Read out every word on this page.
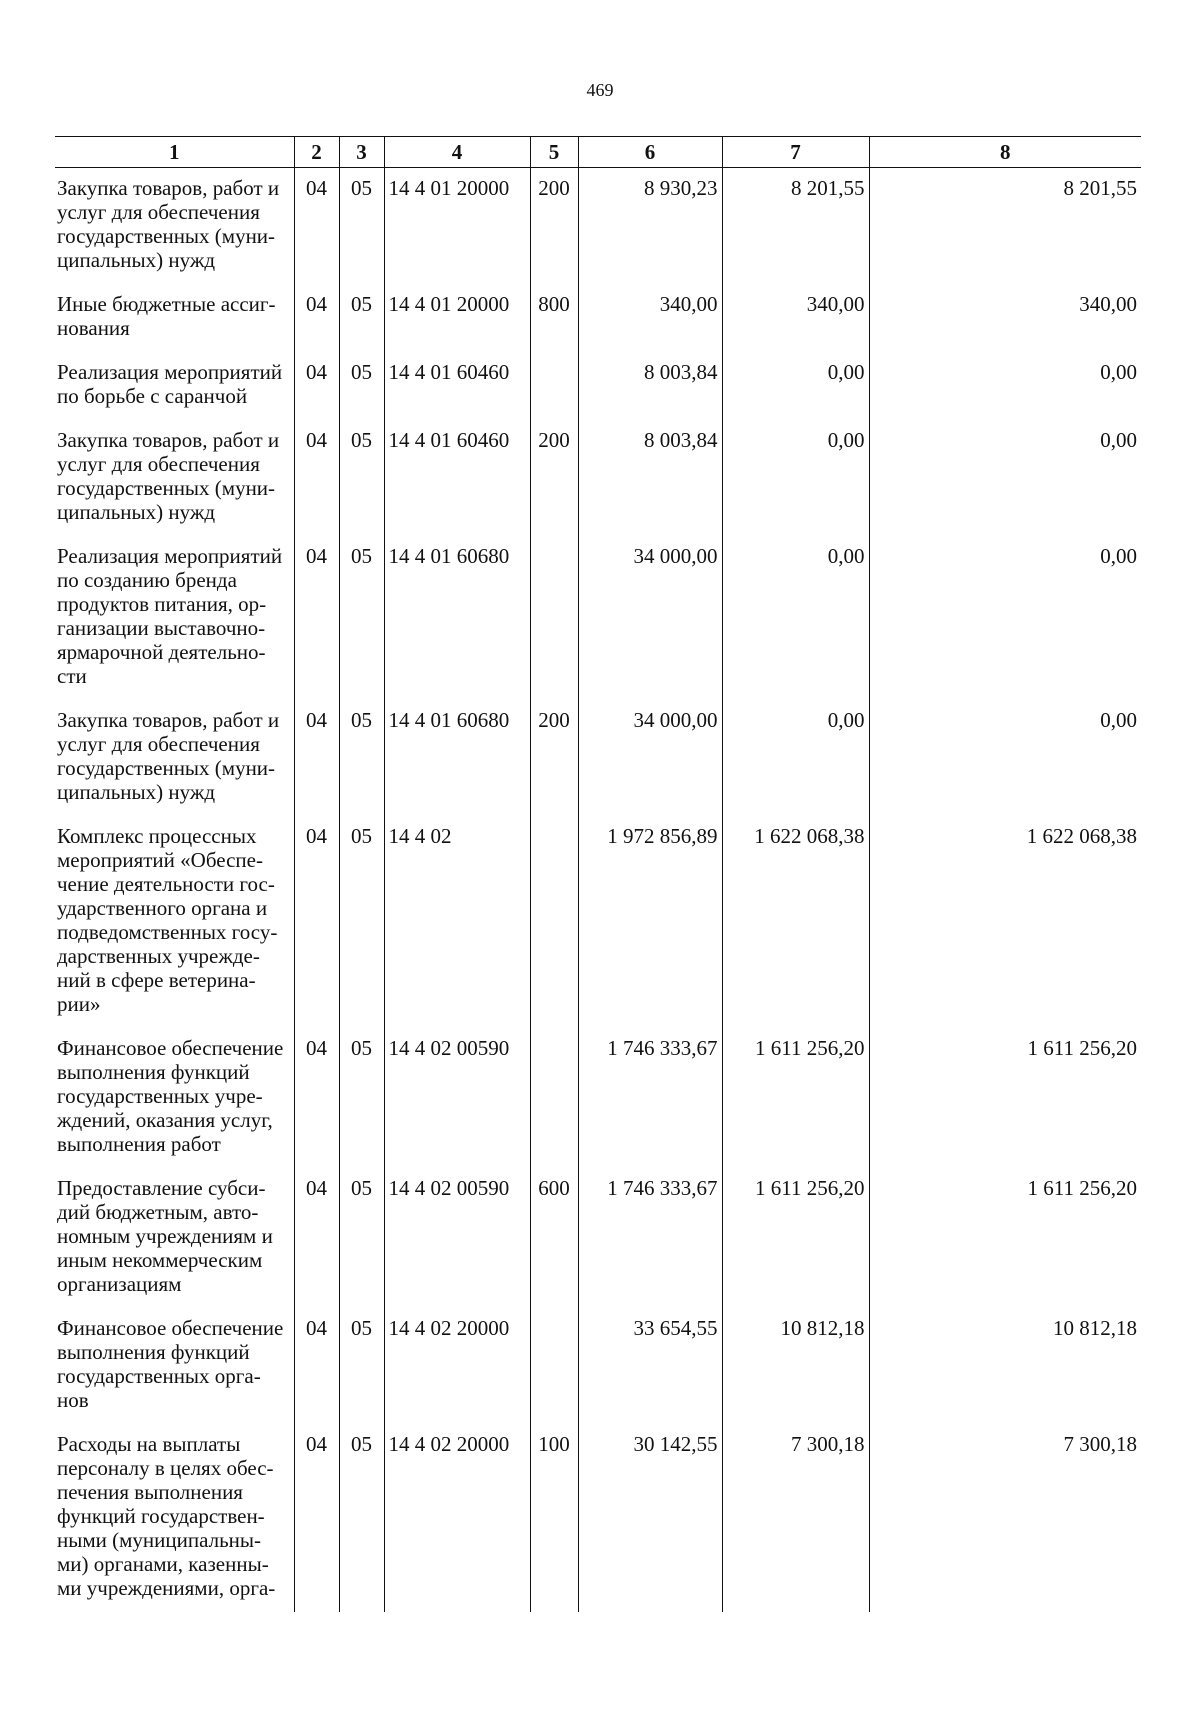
469
1	2	3	4	5	6	7	8
Закупка товаров, работ и услуг для обеспечения государственных (муни-ципальных) нужд	04	05	14 4 01 20000	200	8 930,23	8 201,55	8 201,55
Иные бюджетные ассиг-нования	04	05	14 4 01 20000	800	340,00	340,00	340,00
Реализация мероприятий по борьбе с саранчой	04	05	14 4 01 60460		8 003,84	0,00	0,00
Закупка товаров, работ и услуг для обеспечения государственных (муни-ципальных) нужд	04	05	14 4 01 60460	200	8 003,84	0,00	0,00
Реализация мероприятий по созданию бренда продуктов питания, ор-ганизации выставочно-ярмарочной деятельно-сти	04	05	14 4 01 60680		34 000,00	0,00	0,00
Закупка товаров, работ и услуг для обеспечения государственных (муни-ципальных) нужд	04	05	14 4 01 60680	200	34 000,00	0,00	0,00
Комплекс процессных мероприятий «Обеспе-чение деятельности гос-ударственного органа и подведомственных госу-дарственных учрежде-ний в сфере ветерина-рии»	04	05	14 4 02		1 972 856,89	1 622 068,38	1 622 068,38
Финансовое обеспечение выполнения функций государственных учре-ждений, оказания услуг, выполнения работ	04	05	14 4 02 00590		1 746 333,67	1 611 256,20	1 611 256,20
Предоставление субси-дий бюджетным, авто-номным учреждениям и иным некоммерческим организациям	04	05	14 4 02 00590	600	1 746 333,67	1 611 256,20	1 611 256,20
Финансовое обеспечение выполнения функций государственных орга-нов	04	05	14 4 02 20000		33 654,55	10 812,18	10 812,18
Расходы на выплаты персоналу в целях обес-печения выполнения функций государствен-ными (муниципальны-ми) органами, казенны-ми учреждениями, орга-	04	05	14 4 02 20000	100	30 142,55	7 300,18	7 300,18
